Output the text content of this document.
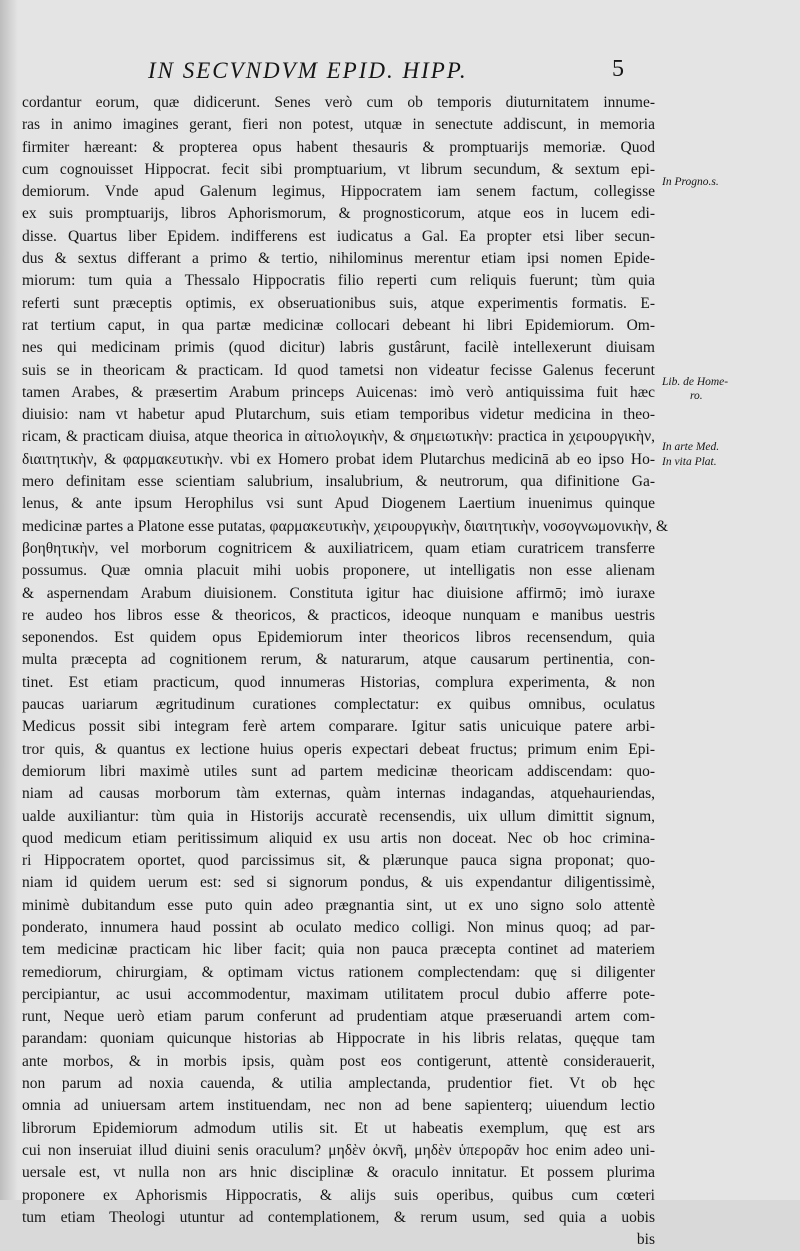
IN SECVNDVM EPID. HIPP.	5
cordantur eorum, quæ didicerunt. Senes verò cum ob temporis diuturnitatem innume-
ras in animo imagines gerant, fieri non potest, utquæ in senectute addiscunt, in memoria
firmiter hæreant: & propterea opus habent thesauris & promptuarijs memoriæ. Quod
cum cognouisset Hippocrat. fecit sibi promptuarium, vt librum secundum, & sextum epi-
demiorum. Vnde apud Galenum legimus, Hippocratem iam senem factum, collegisse
ex suis promptuarijs, libros Aphorismorum, & prognosticorum, atque eos in lucem edi-
disse. Quartus liber Epidem. indifferens est iudicatus a Gal. Ea propter etsi liber secun-
dus & sextus differant a primo & tertio, nihilominus merentur etiam ipsi nomen Epide-
miorum: tum quia a Thessalo Hippocratis filio reperti cum reliquis fuerunt; tùm quia
referti sunt præceptis optimis, ex obseruationibus suis, atque experimentis formatis. E-
rat tertium caput, in qua partæ medicinæ collocari debeant hi libri Epidemiorum. Om-
nes qui medicinam primis (quod dicitur) labris gustârunt, facilè intellexerunt diuisam
suis se in theoricam & practicam. Id quod tametsi non videatur fecisse Galenus fecerunt
tamen Arabes, & præsertim Arabum princeps Auicenas: imò verò antiquissima fuit hæc
diuisio: nam vt habetur apud Plutarchum, suis etiam temporibus videtur medicina in theo-
ricam, & practicam diuisa, atque theorica in αἰτιολογικὴν, & σημειωτικὴν: practica in χειρουργικὴν,
διαιτητικὴν, & φαρμακευτικὴν. vbi ex Homero probat idem Plutarchus medicinā ab eo ipso Ho-
mero definitam esse scientiam salubrium, insalubrium, & neutrorum, qua difinitione Ga-
lenus, & ante ipsum Herophilus vsi sunt Apud Diogenem Laertium inuenimus quinque
medicinæ partes a Platone esse putatas, φαρμακευτικὴν, χειρουργικὴν, διαιτητικὴν, νοσογνωμονικὴν, &
βοηθητικὴν, vel morborum cognitricem & auxiliatricem, quam etiam curatricem transferre
possumus. Quæ omnia placuit mihi uobis proponere, ut intelligatis non esse alienam
& aspernendam Arabum diuisionem. Constituta igitur hac diuisione affirmō; imò iuraxe
re audeo hos libros esse & theoricos, & practicos, ideoque nunquam e manibus uestris
seponendos. Est quidem opus Epidemiorum inter theoricos libros recensendum, quia
multa præcepta ad cognitionem rerum, & naturarum, atque causarum pertinentia, con-
tinet. Est etiam practicum, quod innumeras Historias, complura experimenta, & non
paucas uariarum ægritudinum curationes complectatur: ex quibus omnibus, oculatus
Medicus possit sibi integram ferè artem comparare. Igitur satis unicuique patere arbi-
tror quis, & quantus ex lectione huius operis expectari debeat fructus; primum enim Epi-
demiorum libri maximè utiles sunt ad partem medicinæ theoricam addiscendam: quo-
niam ad causas morborum tàm externas, quàm internas indagandas, atquehauriendas,
ualde auxiliantur: tùm quia in Historijs accuratè recensendis, uix ullum dimittit signum,
quod medicum etiam peritissimum aliquid ex usu artis non doceat. Nec ob hoc crimina-
ri Hippocratem oportet, quod parcissimus sit, & plærunque pauca signa proponat; quo-
niam id quidem uerum est: sed si signorum pondus, & uis expendantur diligentissimè,
minimè dubitandum esse puto quin adeo prægnantia sint, ut ex uno signo solo attentè
ponderato, innumera haud possint ab oculato medico colligi. Non minus quoq; ad par-
tem medicinæ practicam hic liber facit; quia non pauca præcepta continet ad materiem
remediorum, chirurgiam, & optimam victus rationem complectendam: quę si diligenter
percipiantur, ac usui accommodentur, maximam utilitatem procul dubio afferre pote-
runt, Neque uerò etiam parum conferunt ad prudentiam atque præseruandi artem com-
parandam: quoniam quicunque historias ab Hippocrate in his libris relatas, quęque tam
ante morbos, & in morbis ipsis, quàm post eos contigerunt, attentè considerauerit,
non parum ad noxia cauenda, & utilia amplectanda, prudentior fiet. Vt ob hęc
omnia ad uniuersam artem instituendam, nec non ad bene sapienterq; uiuendum lectio
librorum Epidemiorum admodum utilis sit. Et ut habeatis exemplum, quę est ars
cui non inseruiat illud diuini senis oraculum? μηδὲν ὀκνῆ, μηδὲν ὑπερορᾶν hoc enim adeo uni-
uersale est, vt nulla non ars hnic disciplinæ & oraculo innitatur. Et possem plurima
proponere ex Aphorismis Hippocratis, & alijs suis operibus, quibus cum cœteri
tum etiam Theologi utuntur ad contemplationem, & rerum usum, sed quia a uobis
bis
In Progno.s.
Lib. de Home-
ro.
In arte Med.
In vita Plat.
